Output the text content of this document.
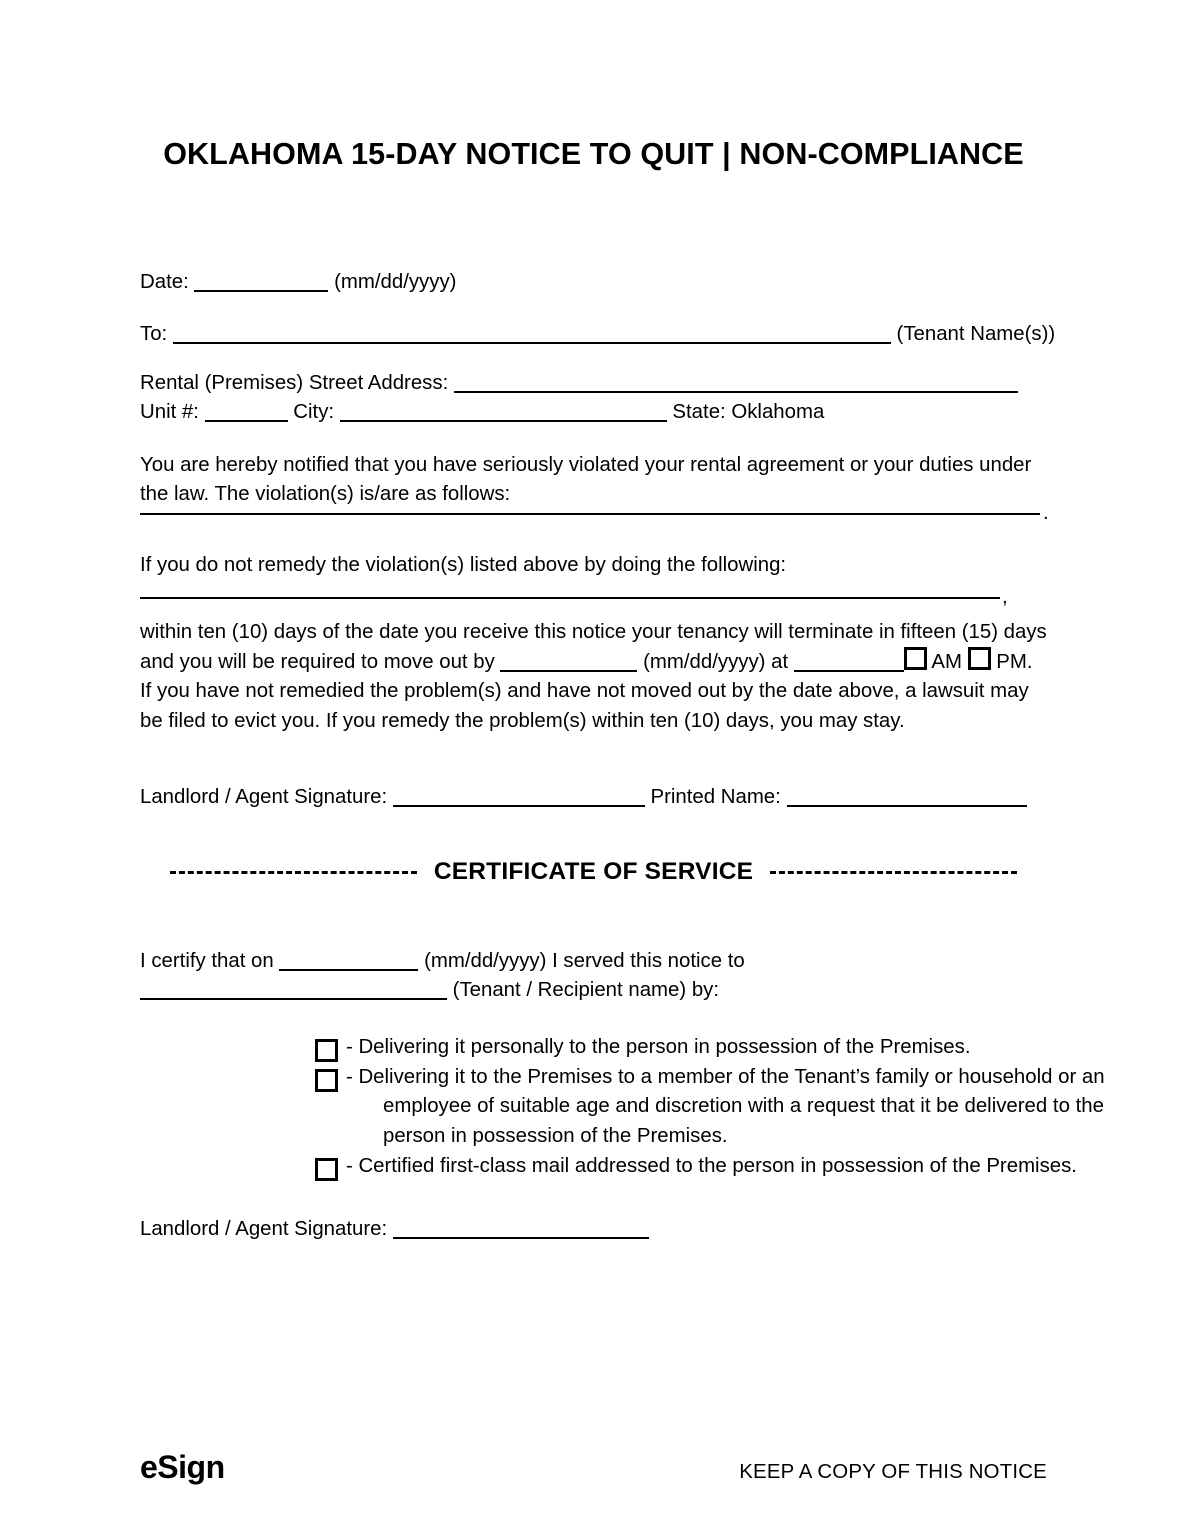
OKLAHOMA 15-DAY NOTICE TO QUIT | NON-COMPLIANCE
Date:	(mm/dd/yyyy)
To:	(Tenant Name(s))
Rental (Premises) Street Address:
Unit #:	City:	State: Oklahoma
You are hereby notified that you have seriously violated your rental agreement or your duties under the law. The violation(s) is/are as follows:
.
If you do not remedy the violation(s) listed above by doing the following:
,
within ten (10) days of the date you receive this notice your tenancy will terminate in fifteen (15) days and you will be required to move out by	(mm/dd/yyyy) at	AM PM. If you have not remedied the problem(s) and have not moved out by the date above, a lawsuit may be filed to evict you. If you remedy the problem(s) within ten (10) days, you may stay.
Landlord / Agent Signature:	Printed Name:
CERTIFICATE OF SERVICE
I certify that on	(mm/dd/yyyy) I served this notice to
(Tenant / Recipient name) by:
- Delivering it personally to the person in possession of the Premises.
- Delivering it to the Premises to a member of the Tenant’s family or household or an employee of suitable age and discretion with a request that it be delivered to the person in possession of the Premises.
- Certified first-class mail addressed to the person in possession of the Premises.
Landlord / Agent Signature:
eSign	KEEP A COPY OF THIS NOTICE
